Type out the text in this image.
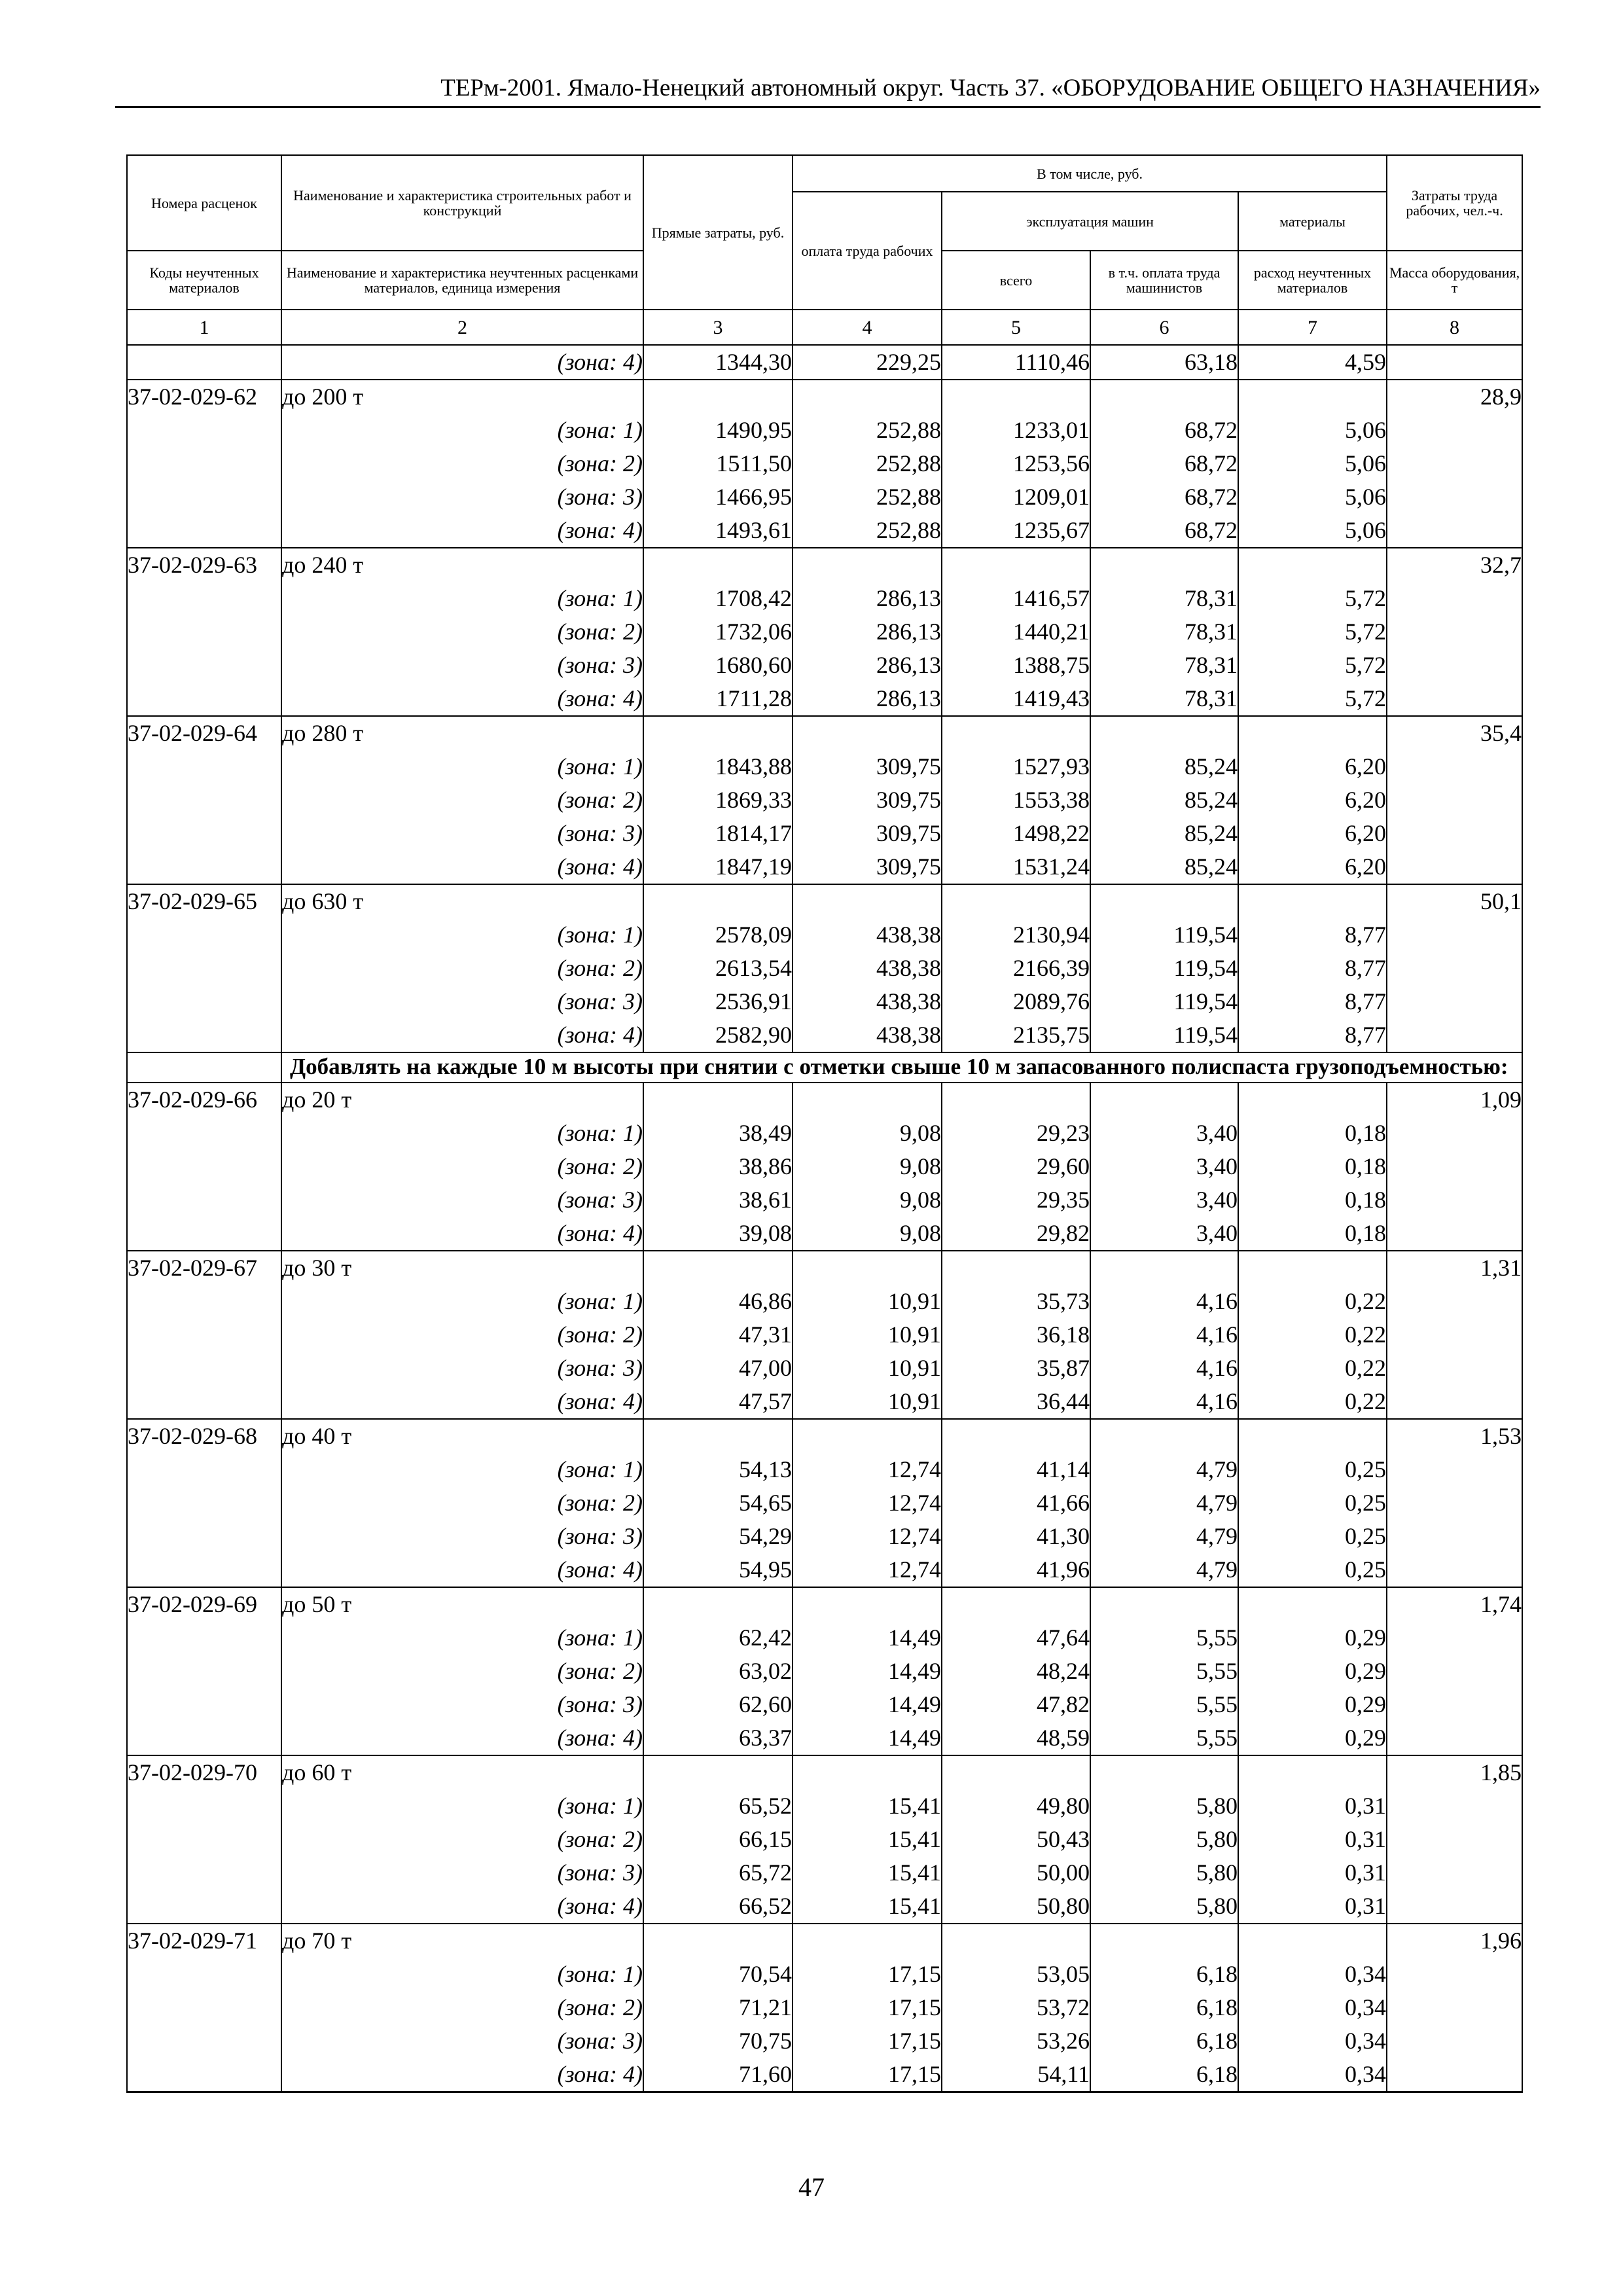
ТЕРм-2001. Ямало-Ненецкий автономный округ. Часть 37. «ОБОРУДОВАНИЕ ОБЩЕГО НАЗНАЧЕНИЯ»
Номера расценок	Наименование и характеристика строительных работ и конструкций	Прямые затраты, руб.	В том числе, руб.				Затраты труда рабочих, чел.-ч.
			оплата труда рабочих	эксплуатация машин		материалы	
Коды неучтенных материалов	Наименование и характеристика неучтенных расценками материалов, единица измерения			всего	в т.ч. оплата труда машинистов	расход неучтенных материалов	Масса оборудования, т
1	2	3	4	5	6	7	8
	(зона: 4)	1344,30	229,25	1110,46	63,18	4,59	
37-02-029-62	до 200 т						28,9
	(зона: 1)	1490,95	252,88	1233,01	68,72	5,06	
	(зона: 2)	1511,50	252,88	1253,56	68,72	5,06	
	(зона: 3)	1466,95	252,88	1209,01	68,72	5,06	
	(зона: 4)	1493,61	252,88	1235,67	68,72	5,06	
37-02-029-63	до 240 т						32,7
	(зона: 1)	1708,42	286,13	1416,57	78,31	5,72	
	(зона: 2)	1732,06	286,13	1440,21	78,31	5,72	
	(зона: 3)	1680,60	286,13	1388,75	78,31	5,72	
	(зона: 4)	1711,28	286,13	1419,43	78,31	5,72	
37-02-029-64	до 280 т						35,4
	(зона: 1)	1843,88	309,75	1527,93	85,24	6,20	
	(зона: 2)	1869,33	309,75	1553,38	85,24	6,20	
	(зона: 3)	1814,17	309,75	1498,22	85,24	6,20	
	(зона: 4)	1847,19	309,75	1531,24	85,24	6,20	
37-02-029-65	до 630 т						50,1
	(зона: 1)	2578,09	438,38	2130,94	119,54	8,77	
	(зона: 2)	2613,54	438,38	2166,39	119,54	8,77	
	(зона: 3)	2536,91	438,38	2089,76	119,54	8,77	
	(зона: 4)	2582,90	438,38	2135,75	119,54	8,77	
	Добавлять на каждые 10 м высоты при снятии с отметки свыше 10 м запасованного полиспаста грузоподъемностью:						
37-02-029-66	до 20 т						1,09
	(зона: 1)	38,49	9,08	29,23	3,40	0,18	
	(зона: 2)	38,86	9,08	29,60	3,40	0,18	
	(зона: 3)	38,61	9,08	29,35	3,40	0,18	
	(зона: 4)	39,08	9,08	29,82	3,40	0,18	
37-02-029-67	до 30 т						1,31
	(зона: 1)	46,86	10,91	35,73	4,16	0,22	
	(зона: 2)	47,31	10,91	36,18	4,16	0,22	
	(зона: 3)	47,00	10,91	35,87	4,16	0,22	
	(зона: 4)	47,57	10,91	36,44	4,16	0,22	
37-02-029-68	до 40 т						1,53
	(зона: 1)	54,13	12,74	41,14	4,79	0,25	
	(зона: 2)	54,65	12,74	41,66	4,79	0,25	
	(зона: 3)	54,29	12,74	41,30	4,79	0,25	
	(зона: 4)	54,95	12,74	41,96	4,79	0,25	
37-02-029-69	до 50 т						1,74
	(зона: 1)	62,42	14,49	47,64	5,55	0,29	
	(зона: 2)	63,02	14,49	48,24	5,55	0,29	
	(зона: 3)	62,60	14,49	47,82	5,55	0,29	
	(зона: 4)	63,37	14,49	48,59	5,55	0,29	
37-02-029-70	до 60 т						1,85
	(зона: 1)	65,52	15,41	49,80	5,80	0,31	
	(зона: 2)	66,15	15,41	50,43	5,80	0,31	
	(зона: 3)	65,72	15,41	50,00	5,80	0,31	
	(зона: 4)	66,52	15,41	50,80	5,80	0,31	
37-02-029-71	до 70 т						1,96
	(зона: 1)	70,54	17,15	53,05	6,18	0,34	
	(зона: 2)	71,21	17,15	53,72	6,18	0,34	
	(зона: 3)	70,75	17,15	53,26	6,18	0,34	
	(зона: 4)	71,60	17,15	54,11	6,18	0,34	
47
